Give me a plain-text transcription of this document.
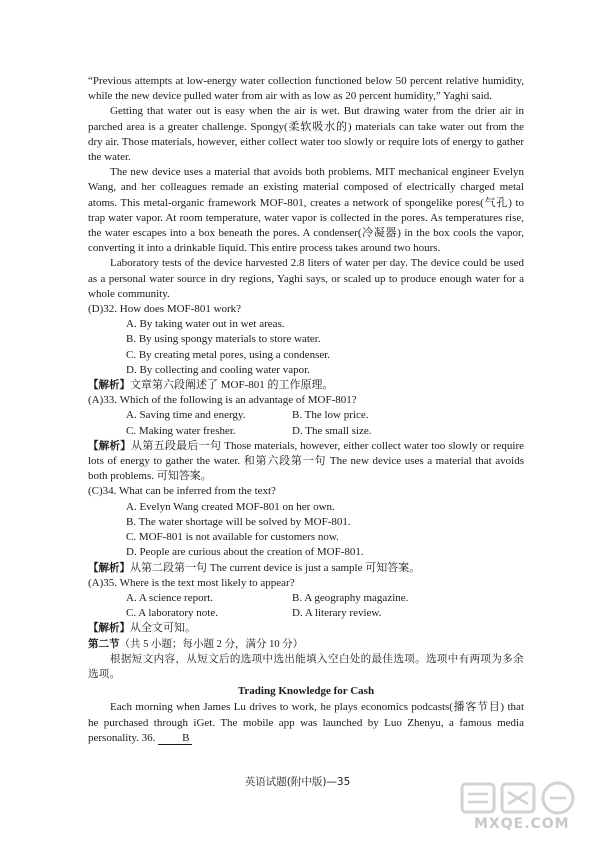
“Previous attempts at low-energy water collection functioned below 50 percent relative humidity, while the new device pulled water from air with as low as 20 percent humidity,” Yaghi said.

Getting that water out is easy when the air is wet. But drawing water from the drier air in parched area is a greater challenge. Spongy(柔软吸水的) materials can take water out from the dry air. Those materials, however, either collect water too slowly or require lots of energy to gather the water.

The new device uses a material that avoids both problems. MIT mechanical engineer Evelyn Wang, and her colleagues remade an existing material composed of electrically charged metal atoms. This metal-organic framework MOF-801, creates a network of spongelike pores(气孔) to trap water vapor. At room temperature, water vapor is collected in the pores. As temperatures rise, the water escapes into a box beneath the pores. A condenser(冷凝器) in the box cools the vapor, converting it into a drinkable liquid. This entire process takes around two hours.

Laboratory tests of the device harvested 2.8 liters of water per day. The device could be used as a personal water source in dry regions, Yaghi says, or scaled up to produce enough water for a whole community.

(D)32. How does MOF-801 work?

A. By taking water out in wet areas.

B. By using spongy materials to store water.

C. By creating metal pores, using a condenser.

D. By collecting and cooling water vapor.

【解析】文章第六段阐述了 MOF-801 的工作原理。

(A)33. Which of the following is an advantage of MOF-801?

A. Saving time and energy.	B. The low price.
C. Making water fresher.	D. The small size.

【解析】从第五段最后一句 Those materials, however, either collect water too slowly or require lots of energy to gather the water. 和第六段第一句 The new device uses a material that avoids both problems. 可知答案。

(C)34. What can be inferred from the text?

A. Evelyn Wang created MOF-801 on her own.

B. The water shortage will be solved by MOF-801.

C. MOF-801 is not available for customers now.

D. People are curious about the creation of MOF-801.

【解析】从第二段第一句 The current device is just a sample 可知答案。

(A)35. Where is the text most likely to appear?

A. A science report.	B. A geography magazine.
C. A laboratory note.	D. A literary review.

【解析】从全文可知。

第二节（共 5 小题；每小题 2 分，满分 10 分）

根据短文内容，从短文后的选项中选出能填入空白处的最佳选项。选项中有两项为多余选项。

Trading Knowledge for Cash

Each morning when James Lu drives to work, he plays economics podcasts(播客节目) that he purchased through iGet. The mobile app was launched by Luo Zhenyu, a famous media personality. 36. B

英语试题(附中版)—35
MXQE.COM
